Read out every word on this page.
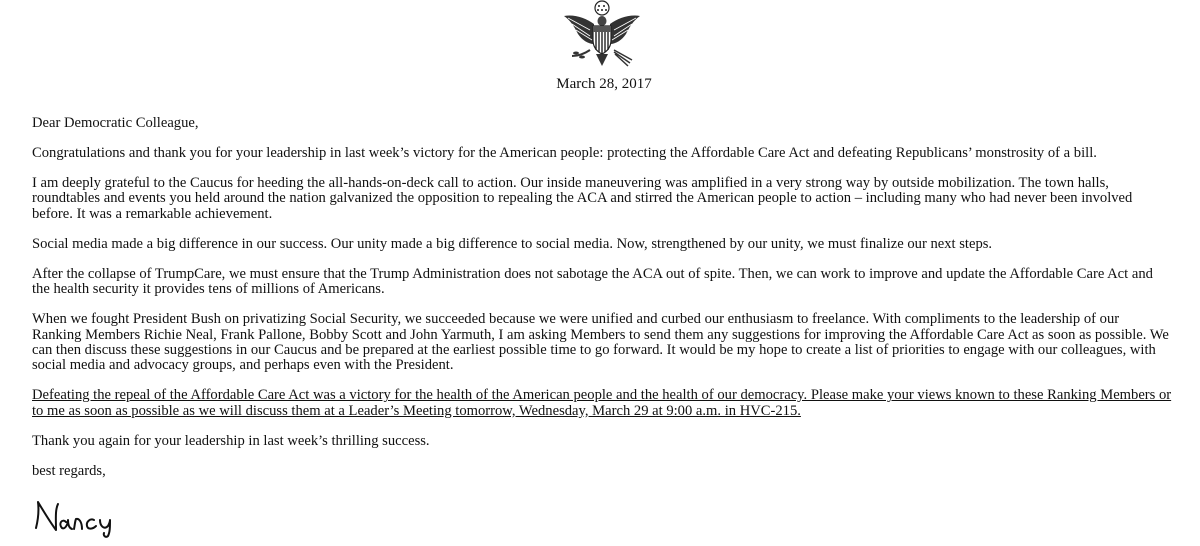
March 28, 2017

Dear Democratic Colleague,

Congratulations and thank you for your leadership in last week’s victory for the American people: protecting the Affordable Care Act and defeating Republicans’ monstrosity of a bill.

I am deeply grateful to the Caucus for heeding the all-hands-on-deck call to action. Our inside maneuvering was amplified in a very strong way by outside mobilization. The town halls, roundtables and events you held around the nation galvanized the opposition to repealing the ACA and stirred the American people to action – including many who had never been involved before. It was a remarkable achievement.

Social media made a big difference in our success. Our unity made a big difference to social media. Now, strengthened by our unity, we must finalize our next steps.

After the collapse of TrumpCare, we must ensure that the Trump Administration does not sabotage the ACA out of spite. Then, we can work to improve and update the Affordable Care Act and the health security it provides tens of millions of Americans.

When we fought President Bush on privatizing Social Security, we succeeded because we were unified and curbed our enthusiasm to freelance. With compliments to the leadership of our Ranking Members Richie Neal, Frank Pallone, Bobby Scott and John Yarmuth, I am asking Members to send them any suggestions for improving the Affordable Care Act as soon as possible. We can then discuss these suggestions in our Caucus and be prepared at the earliest possible time to go forward. It would be my hope to create a list of priorities to engage with our colleagues, with social media and advocacy groups, and perhaps even with the President.

Defeating the repeal of the Affordable Care Act was a victory for the health of the American people and the health of our democracy. Please make your views known to these Ranking Members or to me as soon as possible as we will discuss them at a Leader’s Meeting tomorrow, Wednesday, March 29 at 9:00 a.m. in HVC-215.

Thank you again for your leadership in last week’s thrilling success.

best regards,
